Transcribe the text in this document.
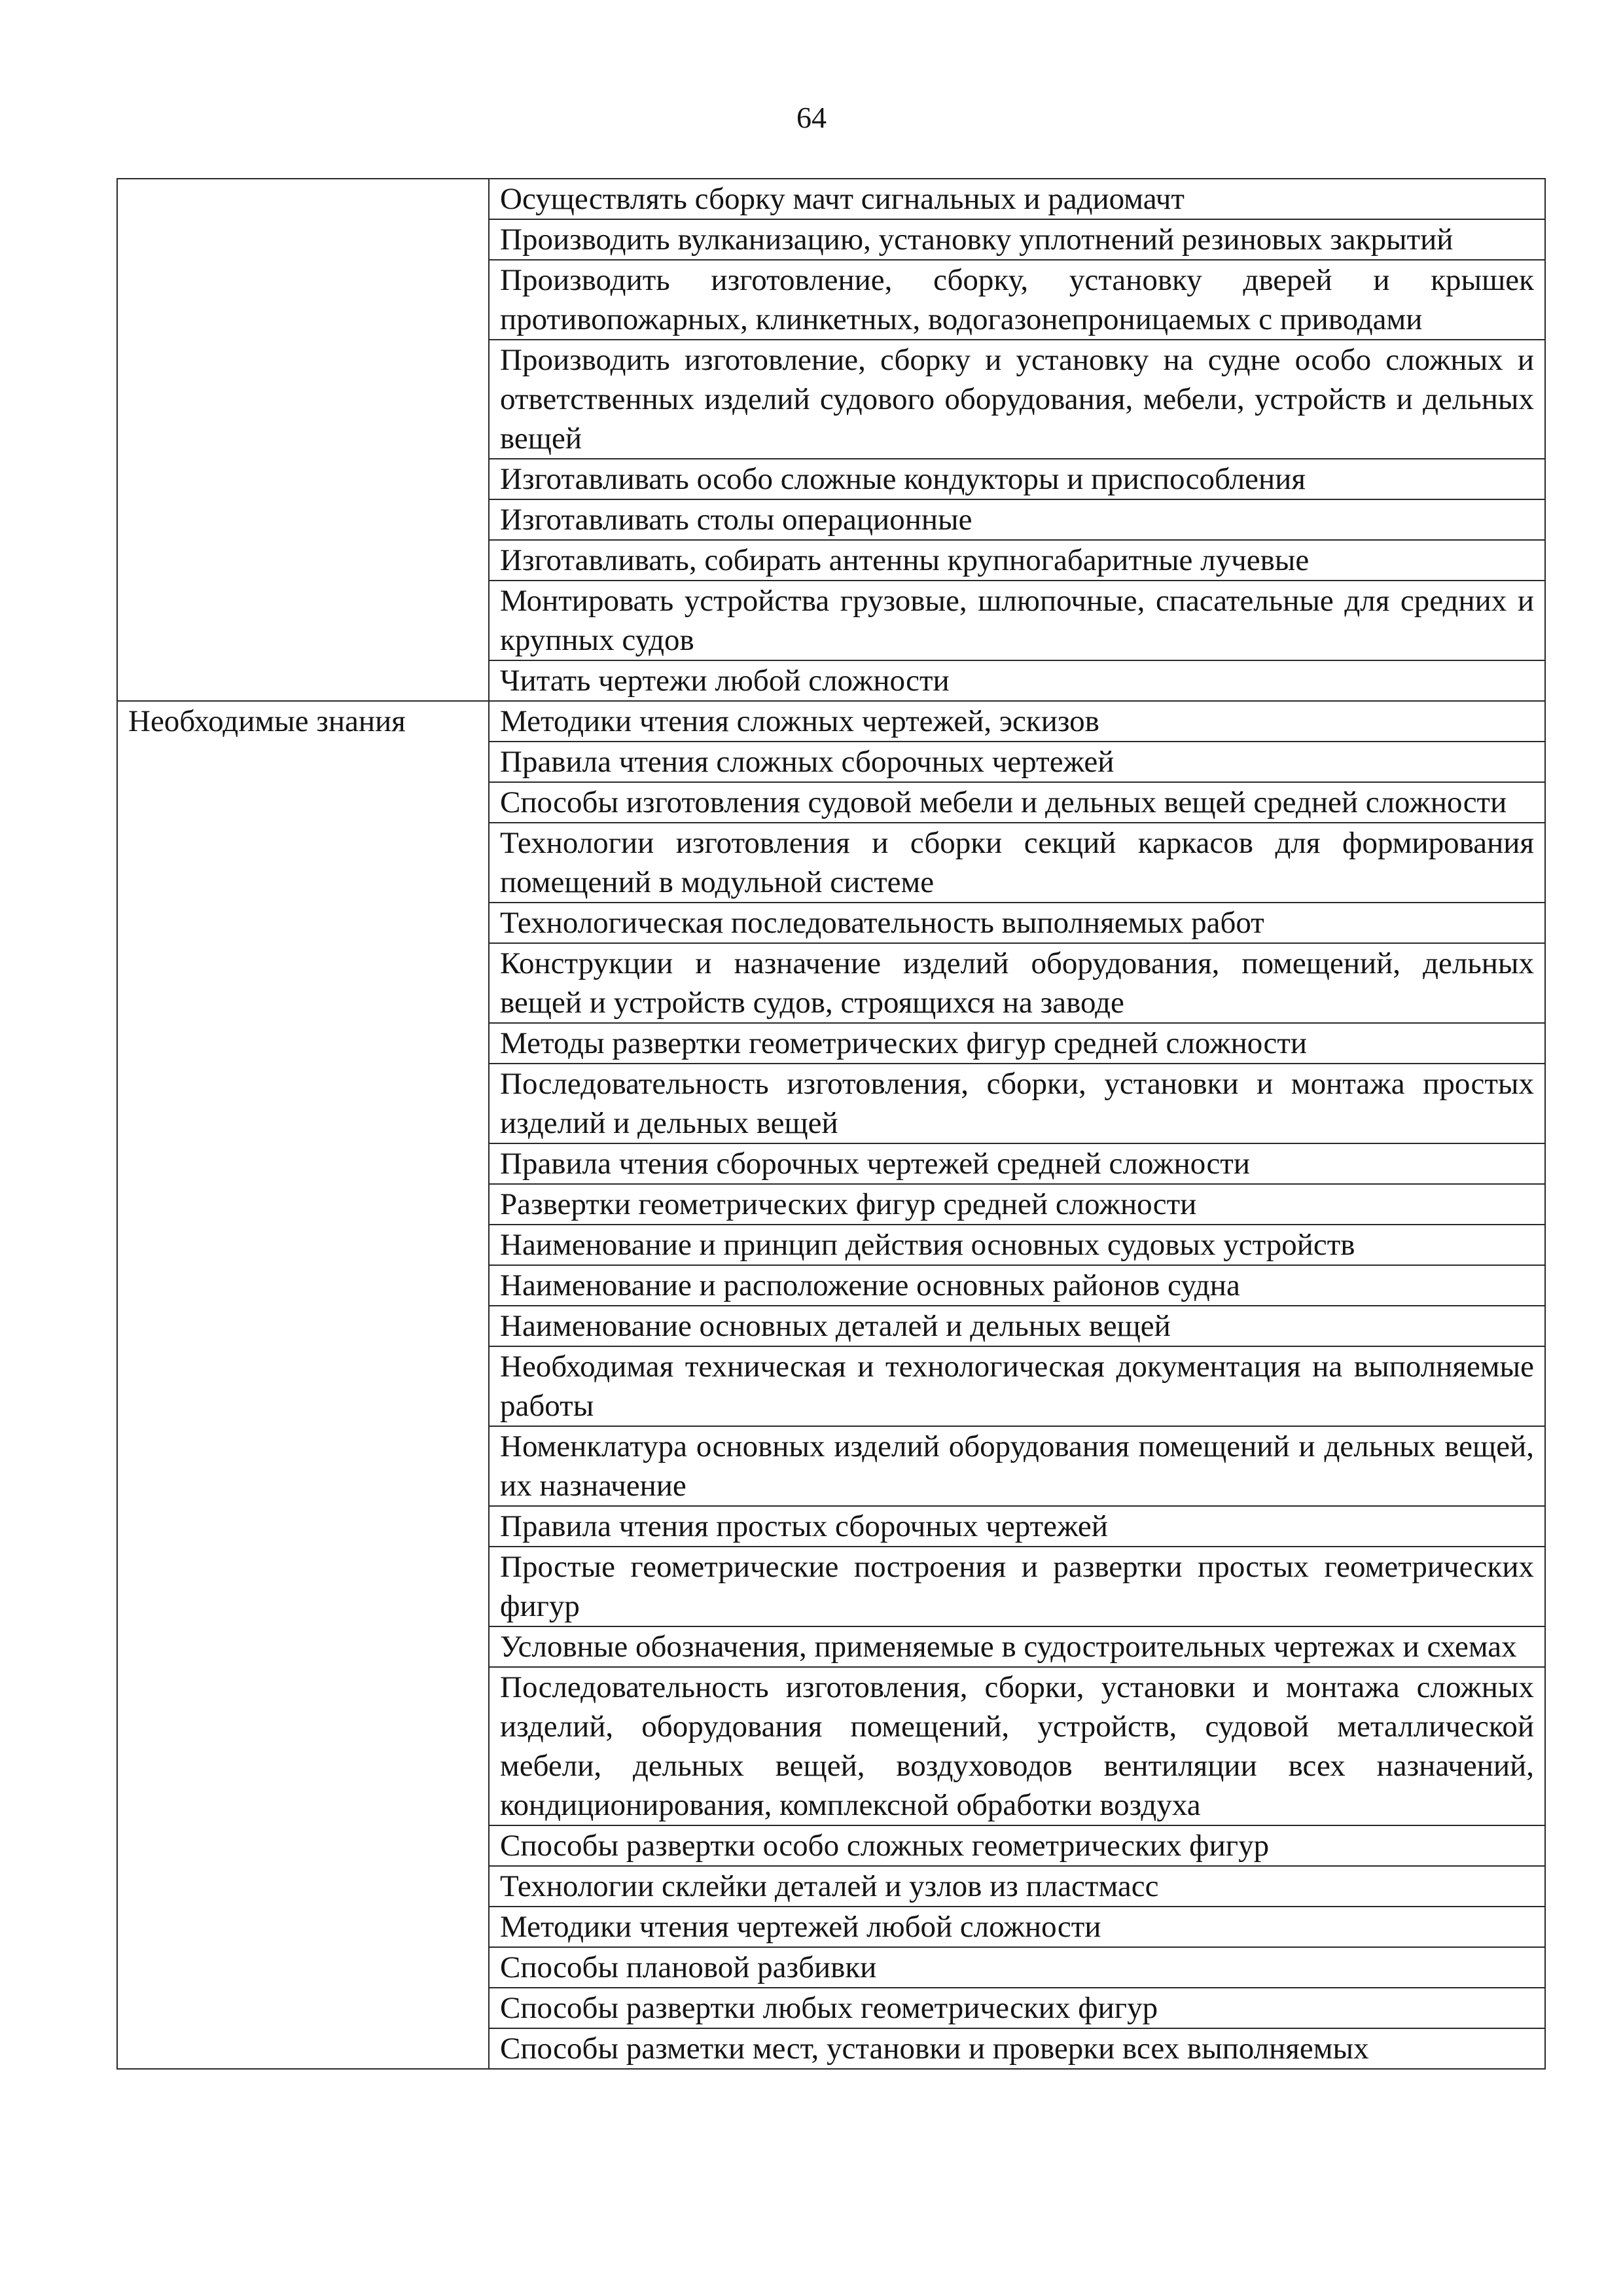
64
	Осуществлять сборку мачт сигнальных и радиомачт
	Производить вулканизацию, установку уплотнений резиновых закрытий
	Производить изготовление, сборку, установку дверей и крышек противопожарных, клинкетных, водогазонепроницаемых с приводами
	Производить изготовление, сборку и установку на судне особо сложных и ответственных изделий судового оборудования, мебели, устройств и дельных вещей
	Изготавливать особо сложные кондукторы и приспособления
	Изготавливать столы операционные
	Изготавливать, собирать антенны крупногабаритные лучевые
	Монтировать устройства грузовые, шлюпочные, спасательные для средних и крупных судов
	Читать чертежи любой сложности
Необходимые знания	Методики чтения сложных чертежей, эскизов
	Правила чтения сложных сборочных чертежей
	Способы изготовления судовой мебели и дельных вещей средней сложности
	Технологии изготовления и сборки секций каркасов для формирования помещений в модульной системе
	Технологическая последовательность выполняемых работ
	Конструкции и назначение изделий оборудования, помещений, дельных вещей и устройств судов, строящихся на заводе
	Методы развертки геометрических фигур средней сложности
	Последовательность изготовления, сборки, установки и монтажа простых изделий и дельных вещей
	Правила чтения сборочных чертежей средней сложности
	Развертки геометрических фигур средней сложности
	Наименование и принцип действия основных судовых устройств
	Наименование и расположение основных районов судна
	Наименование основных деталей и дельных вещей
	Необходимая техническая и технологическая документация на выполняемые работы
	Номенклатура основных изделий оборудования помещений и дельных вещей, их назначение
	Правила чтения простых сборочных чертежей
	Простые геометрические построения и развертки простых геометрических фигур
	Условные обозначения, применяемые в судостроительных чертежах и схемах
	Последовательность изготовления, сборки, установки и монтажа сложных изделий, оборудования помещений, устройств, судовой металлической мебели, дельных вещей, воздуховодов вентиляции всех назначений, кондиционирования, комплексной обработки воздуха
	Способы развертки особо сложных геометрических фигур
	Технологии склейки деталей и узлов из пластмасс
	Методики чтения чертежей любой сложности
	Способы плановой разбивки
	Способы развертки любых геометрических фигур
	Способы разметки мест, установки и проверки всех выполняемых
